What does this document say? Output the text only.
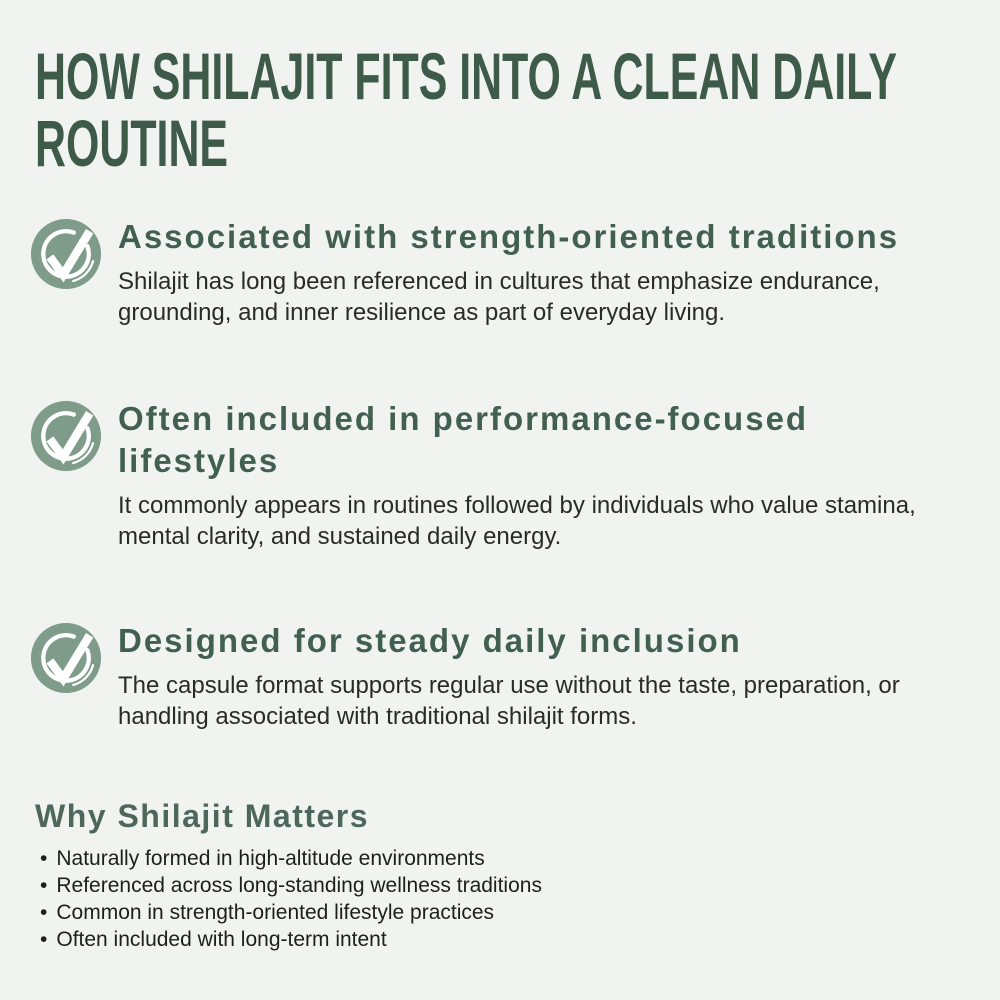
HOW SHILAJIT FITS INTO A CLEAN DAILY ROUTINE
Associated with strength-oriented traditions

Shilajit has long been referenced in cultures that emphasize endurance, grounding, and inner resilience as part of everyday living.

Often included in performance-focused lifestyles

It commonly appears in routines followed by individuals who value stamina, mental clarity, and sustained daily energy.

Designed for steady daily inclusion

The capsule format supports regular use without the taste, preparation, or handling associated with traditional shilajit forms.

Why Shilajit Matters
• Naturally formed in high-altitude environments
• Referenced across long-standing wellness traditions
• Common in strength-oriented lifestyle practices
• Often included with long-term intent
